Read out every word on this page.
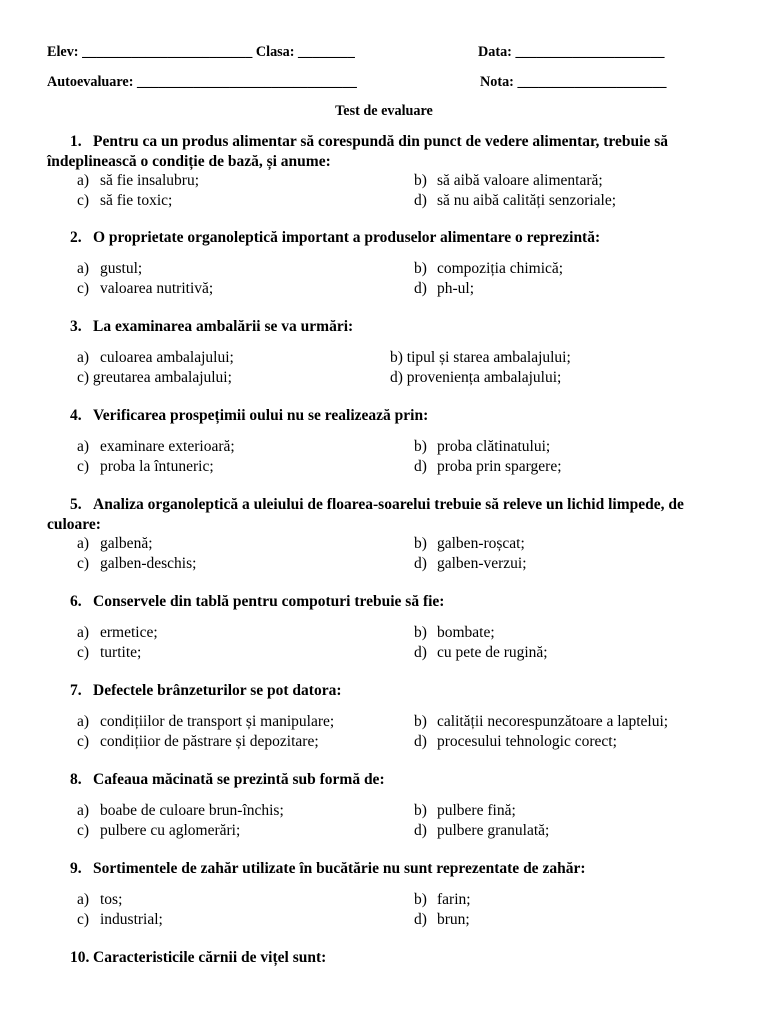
Elev: ________________________ Clasa: ________	Data: _____________________
Autoevaluare: _______________________________	Nota: _____________________
Test de evaluare
1. Pentru ca un produs alimentar să corespundă din punct de vedere alimentar, trebuie să
îndeplinească o condiție de bază, și anume:
a) să fie insalubru;	b) să aibă valoare alimentară;
c) să fie toxic;	d) să nu aibă calități senzoriale;
2. O proprietate organoleptică important a produselor alimentare o reprezintă:
a) gustul;	b) compoziția chimică;
c) valoarea nutritivă;	d) ph-ul;
3. La examinarea ambalării se va urmări:
a) culoarea ambalajului;	b) tipul și starea ambalajului;
c) greutarea ambalajului;	d) proveniența ambalajului;
4. Verificarea prospețimii oului nu se realizează prin:
a) examinare exterioară;	b) proba clătinatului;
c) proba la întuneric;	d) proba prin spargere;
5. Analiza organoleptică a uleiului de floarea-soarelui trebuie să releve un lichid limpede, de
culoare:
a) galbenă;	b) galben-roșcat;
c) galben-deschis;	d) galben-verzui;
6. Conservele din tablă pentru compoturi trebuie să fie:
a) ermetice;	b) bombate;
c) turtite;	d) cu pete de rugină;
7. Defectele brânzeturilor se pot datora:
a) condițiilor de transport și manipulare;	b) calității necorespunzătoare a laptelui;
c) condițiior de păstrare și depozitare;	d) procesului tehnologic corect;
8. Cafeaua măcinată se prezintă sub formă de:
a) boabe de culoare brun-închis;	b) pulbere fină;
c) pulbere cu aglomerări;	d) pulbere granulată;
9. Sortimentele de zahăr utilizate în bucătărie nu sunt reprezentate de zahăr:
a) tos;	b) farin;
c) industrial;	d) brun;
10. Caracteristicile cărnii de vițel sunt:
